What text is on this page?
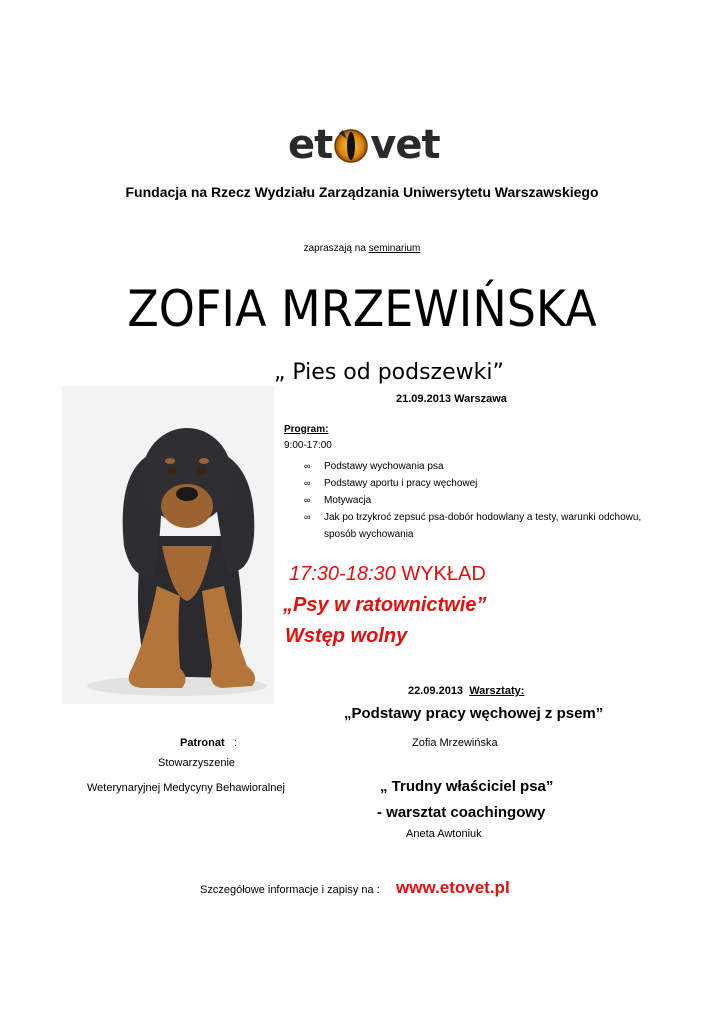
et vet
Fundacja na Rzecz Wydziału Zarządzania Uniwersytetu Warszawskiego
zapraszają na seminarium
ZOFIA MRZEWIŃSKA
„ Pies od podszewki”
21.09.2013 Warszawa
Program:
9:00-17:00
∞ Podstawy wychowania psa
∞ Podstawy aportu i pracy węchowej
∞ Motywacja
∞ Jak po trzykroć zepsuć psa-dobór hodowlany a testy, warunki odchowu, sposób wychowania
17:30-18:30 WYKŁAD
„Psy w ratownictwie”
Wstęp wolny
22.09.2013 Warsztaty:
„Podstawy pracy węchowej z psem”
Patronat :	Zofia Mrzewińska
Stowarzyszenie
Weterynaryjnej Medycyny Behawioralnej	„ Trudny właściciel psa”
- warsztat coachingowy
Aneta Awtoniuk
Szczegółowe informacje i zapisy na : www.etovet.pl
